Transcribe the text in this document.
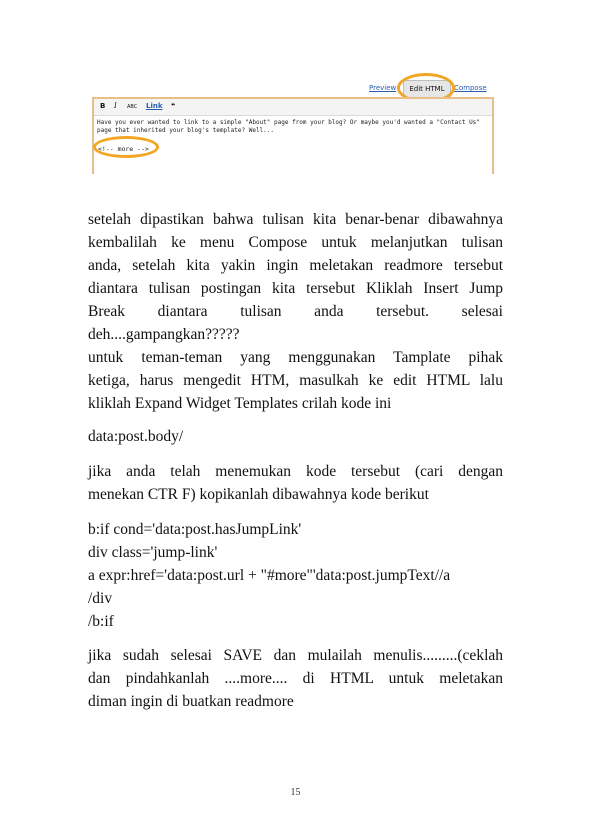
Preview	Edit HTML	Compose
B I ABC Link ❝
Have you ever wanted to link to a simple "About" page from your blog? Or maybe you'd wanted a "Contact Us" page that inherited your blog's template? Well...
<!-- more -->
setelah dipastikan bahwa tulisan kita benar-benar dibawahnya
kembalilah ke menu Compose untuk melanjutkan tulisan
anda, setelah kita yakin ingin meletakan readmore tersebut
diantara tulisan postingan kita tersebut Kliklah Insert Jump
Break diantara tulisan anda tersebut. selesai
deh....gampangkan?????
untuk teman-teman yang menggunakan Tamplate pihak
ketiga, harus mengedit HTM, masulkah ke edit HTML lalu
kliklah Expand Widget Templates crilah kode ini
data:post.body/
jika anda telah menemukan kode tersebut (cari dengan
menekan CTR F) kopikanlah dibawahnya kode berikut
b:if cond='data:post.hasJumpLink'
div class='jump-link'
a expr:href='data:post.url + "#more"'data:post.jumpText//a
/div
/b:if
jika sudah selesai SAVE dan mulailah menulis.........(ceklah
dan pindahkanlah ....more.... di HTML untuk meletakan
diman ingin di buatkan readmore
15
